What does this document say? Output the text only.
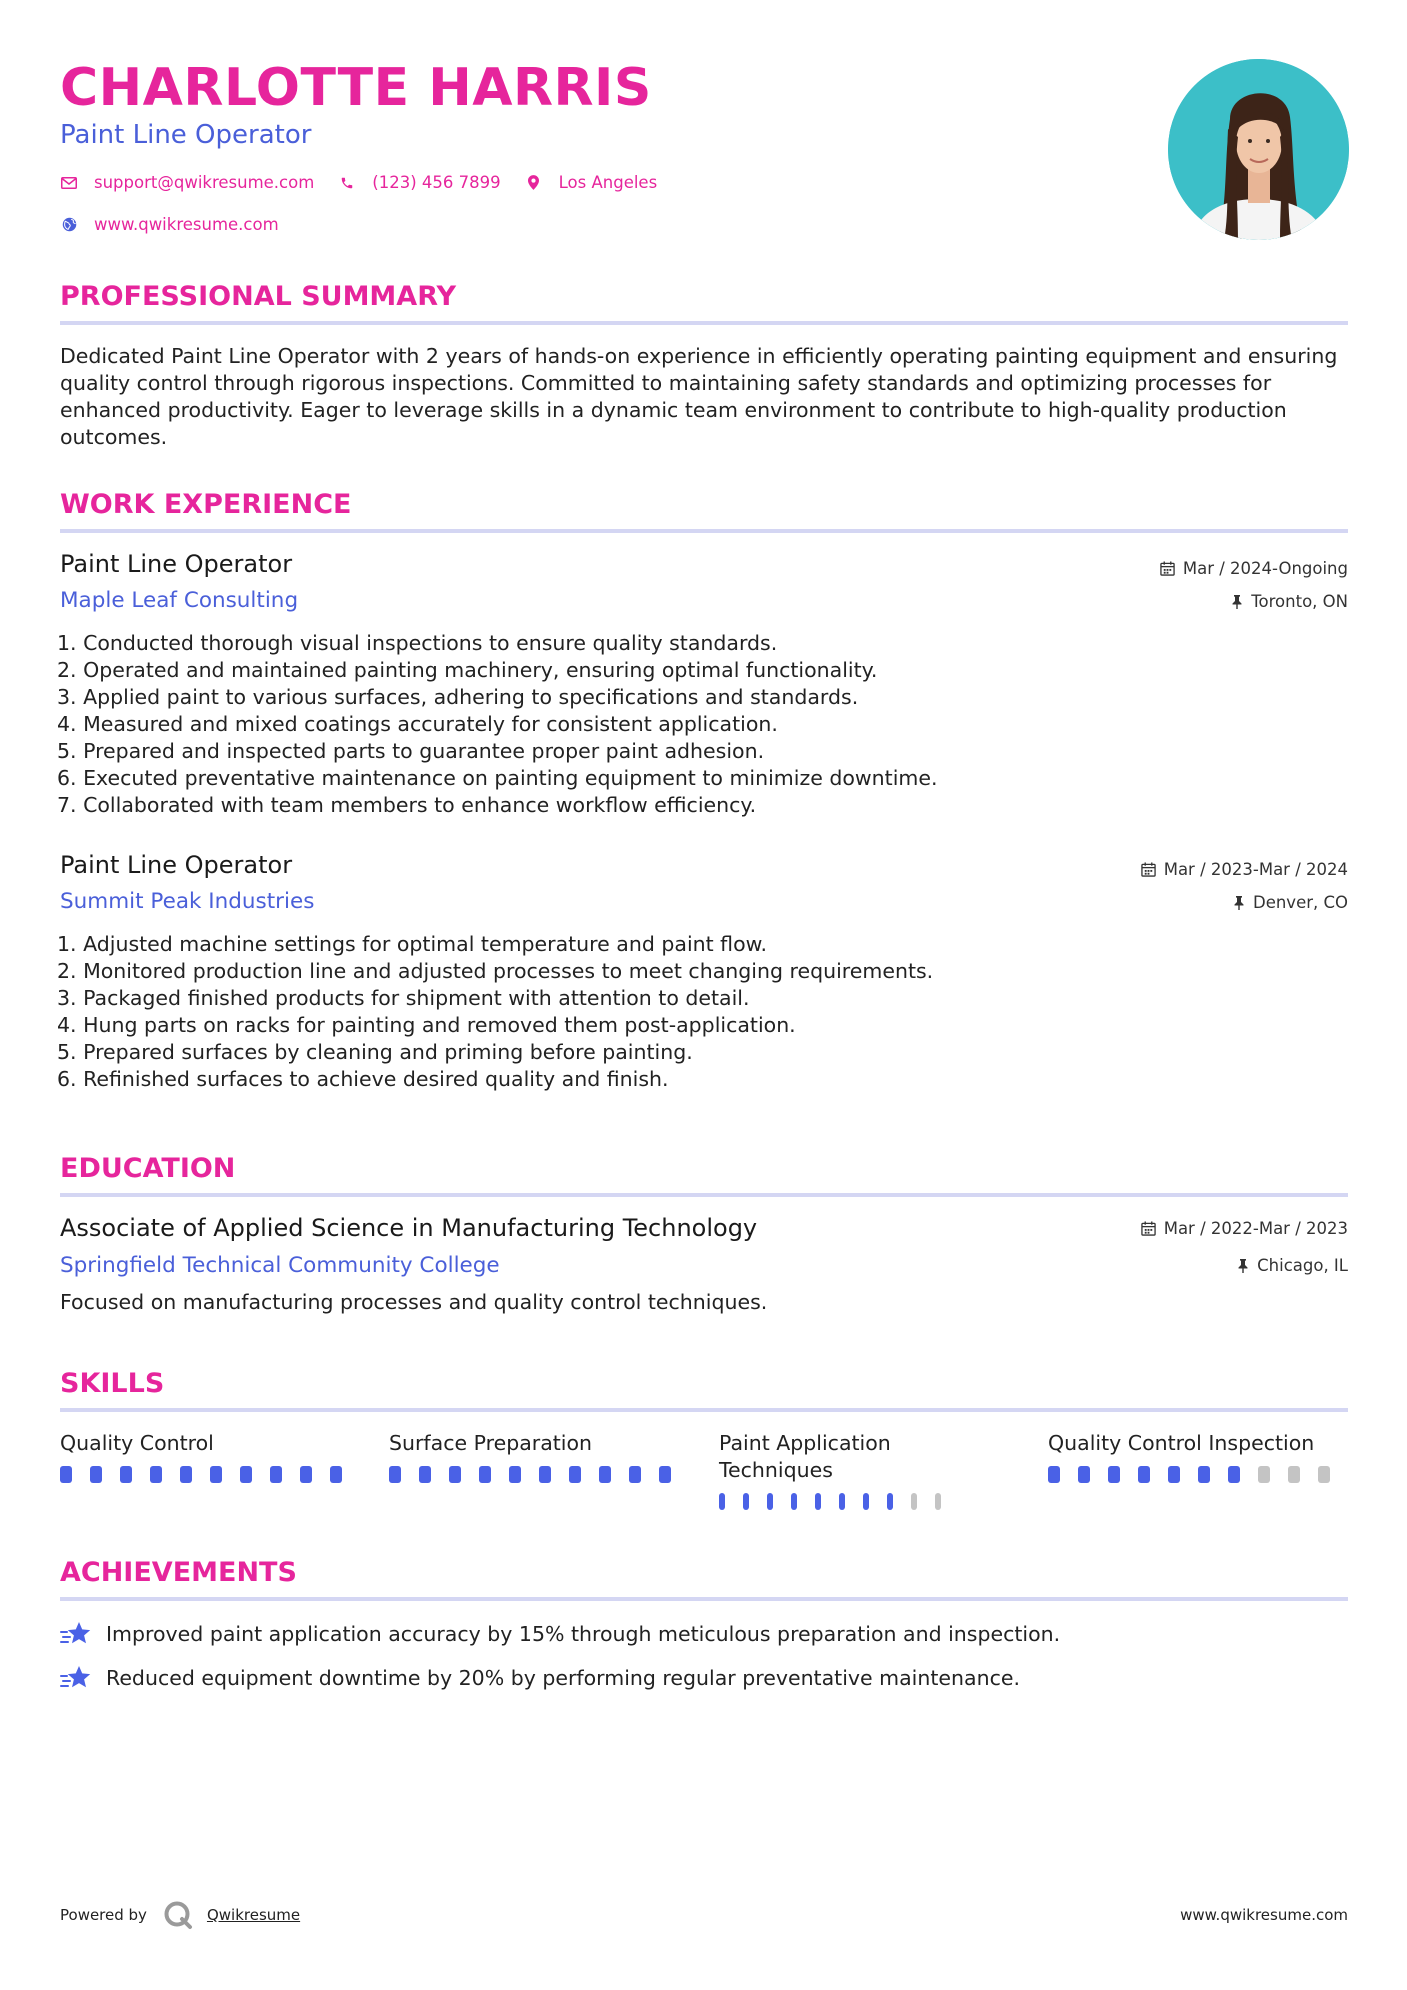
CHARLOTTE HARRIS
Paint Line Operator
support@qwikresume.com	(123) 456 7899	Los Angeles
www.qwikresume.com
PROFESSIONAL SUMMARY
Dedicated Paint Line Operator with 2 years of hands-on experience in efficiently operating painting equipment and ensuring quality control through rigorous inspections. Committed to maintaining safety standards and optimizing processes for enhanced productivity. Eager to leverage skills in a dynamic team environment to contribute to high-quality production outcomes.
WORK EXPERIENCE
Paint Line Operator
Maple Leaf Consulting
Mar / 2024-Ongoing
Toronto, ON
1. Conducted thorough visual inspections to ensure quality standards.
2. Operated and maintained painting machinery, ensuring optimal functionality.
3. Applied paint to various surfaces, adhering to specifications and standards.
4. Measured and mixed coatings accurately for consistent application.
5. Prepared and inspected parts to guarantee proper paint adhesion.
6. Executed preventative maintenance on painting equipment to minimize downtime.
7. Collaborated with team members to enhance workflow efficiency.
Paint Line Operator
Summit Peak Industries
Mar / 2023-Mar / 2024
Denver, CO
1. Adjusted machine settings for optimal temperature and paint flow.
2. Monitored production line and adjusted processes to meet changing requirements.
3. Packaged finished products for shipment with attention to detail.
4. Hung parts on racks for painting and removed them post-application.
5. Prepared surfaces by cleaning and priming before painting.
6. Refinished surfaces to achieve desired quality and finish.
EDUCATION
Associate of Applied Science in Manufacturing Technology
Springfield Technical Community College
Mar / 2022-Mar / 2023
Chicago, IL
Focused on manufacturing processes and quality control techniques.
SKILLS
Quality Control	Surface Preparation	Paint Application Techniques
Quality Control Inspection
ACHIEVEMENTS
Improved paint application accuracy by 15% through meticulous preparation and inspection.
Reduced equipment downtime by 20% by performing regular preventative maintenance.
Powered by	Qwikresume	www.qwikresume.com
